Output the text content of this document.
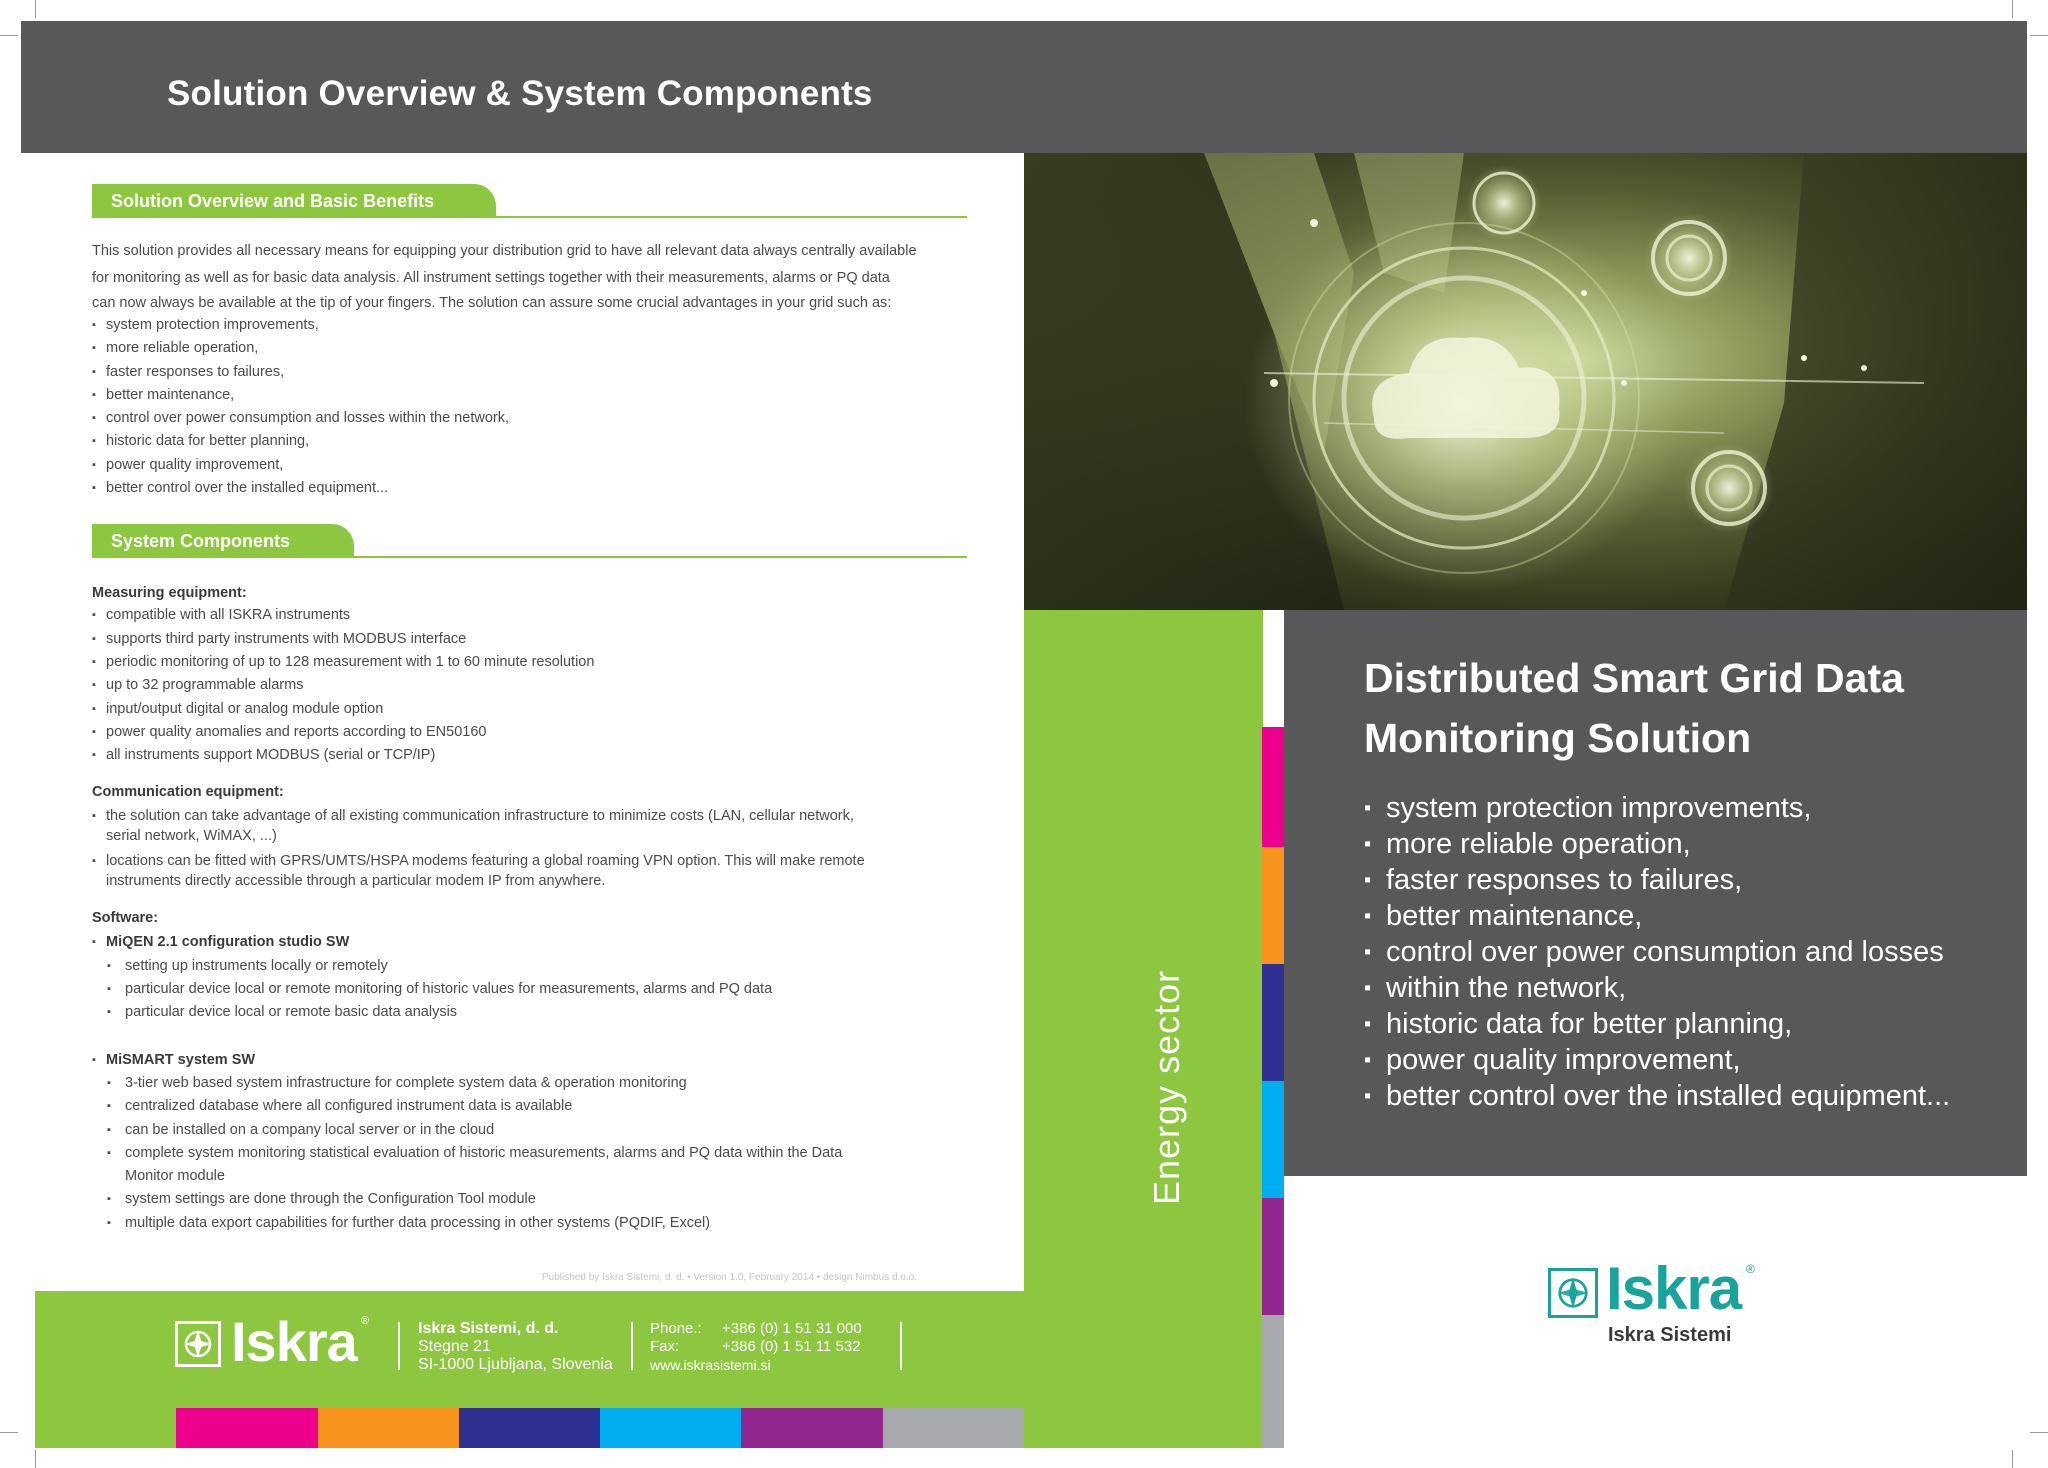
Solution Overview & System Components
Solution Overview and Basic Benefits
This solution provides all necessary means for equipping your distribution grid to have all relevant data always centrally available
for monitoring as well as for basic data analysis. All instrument settings together with their measurements, alarms or PQ data
can now always be available at the tip of your fingers. The solution can assure some crucial advantages in your grid such as:
▪ system protection improvements,
▪ more reliable operation,
▪ faster responses to failures,
▪ better maintenance,
▪ control over power consumption and losses within the network,
▪ historic data for better planning,
▪ power quality improvement,
▪ better control over the installed equipment...
System Components
Measuring equipment:
▪ compatible with all ISKRA instruments
▪ supports third party instruments with MODBUS interface
▪ periodic monitoring of up to 128 measurement with 1 to 60 minute resolution
▪ up to 32 programmable alarms
▪ input/output digital or analog module option
▪ power quality anomalies and reports according to EN50160
▪ all instruments support MODBUS (serial or TCP/IP)
Communication equipment:
▪ the solution can take advantage of all existing communication infrastructure to minimize costs (LAN, cellular network,
serial network, WiMAX, ...)
▪ locations can be fitted with GPRS/UMTS/HSPA modems featuring a global roaming VPN option. This will make remote
instruments directly accessible through a particular modem IP from anywhere.
Software:
▪ MiQEN 2.1 configuration studio SW
▪ setting up instruments locally or remotely
▪ particular device local or remote monitoring of historic values for measurements, alarms and PQ data
▪ particular device local or remote basic data analysis
▪ MiSMART system SW
▪ 3-tier web based system infrastructure for complete system data & operation monitoring
▪ centralized database where all configured instrument data is available
▪ can be installed on a company local server or in the cloud
▪ complete system monitoring statistical evaluation of historic measurements, alarms and PQ data within the Data
Monitor module
▪ system settings are done through the Configuration Tool module
▪ multiple data export capabilities for further data processing in other systems (PQDIF, Excel)
Published by Iskra Sistemi, d. d. • Version 1.0, February 2014 • design Nimbus d.o.o.
Energy sector
Iskra ®	Iskra Sistemi, d. d.
Stegne 21
SI-1000 Ljubljana, Slovenia
Phone.: +386 (0) 1 51 31 000
Fax:	+386 (0) 1 51 11 532
www.iskrasistemi.si
Distributed Smart Grid Data
Monitoring Solution
▪ system protection improvements,
▪ more reliable operation,
▪ faster responses to failures,
▪ better maintenance,
▪ control over power consumption and losses
▪ within the network,
▪ historic data for better planning,
▪ power quality improvement,
▪ better control over the installed equipment...
Iskra ®
Iskra Sistemi
